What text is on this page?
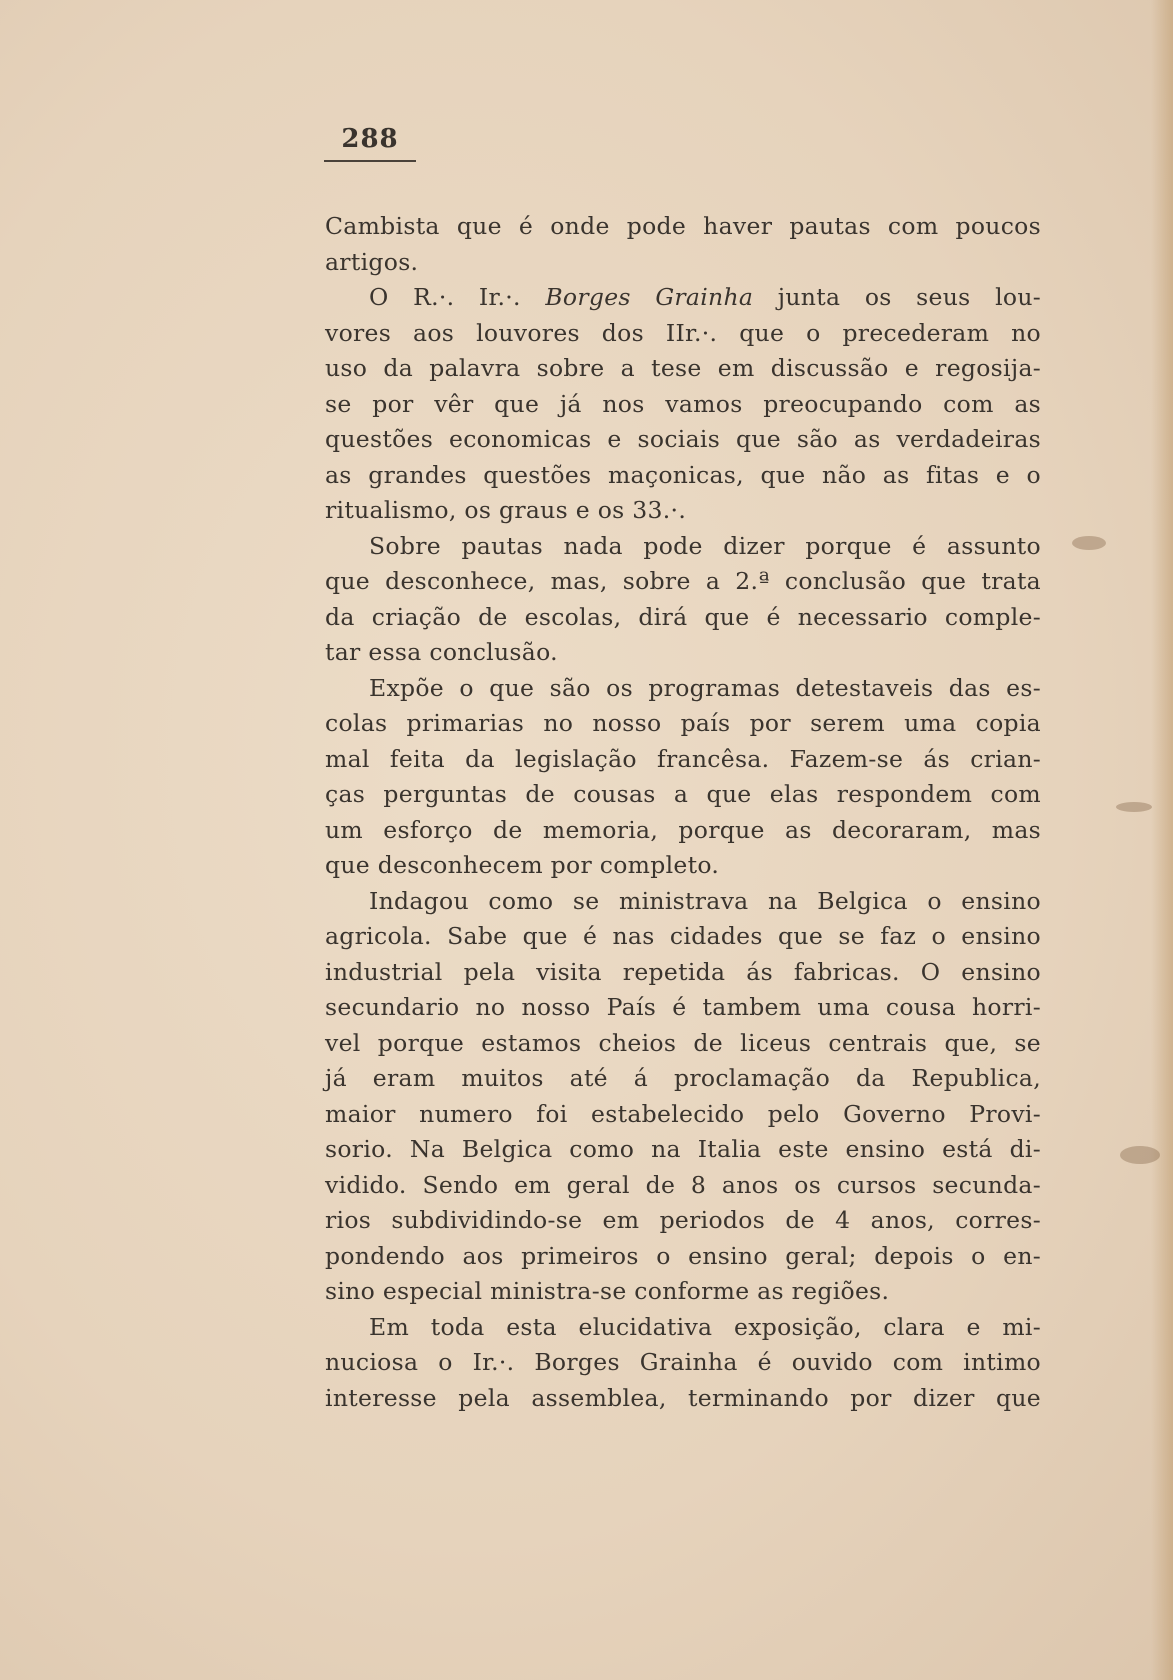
288
Cambista que é onde pode haver pautas com poucos
artigos.
O R.·. Ir.·. Borges Grainha junta os seus lou-
vores aos louvores dos IIr.·. que o precederam no
uso da palavra sobre a tese em discussão e regosija-
se por vêr que já nos vamos preocupando com as
questões economicas e sociais que são as verdadeiras
as grandes questões maçonicas, que não as fitas e o
ritualismo, os graus e os 33.·.
Sobre pautas nada pode dizer porque é assunto
que desconhece, mas, sobre a 2.ª conclusão que trata
da criação de escolas, dirá que é necessario comple-
tar essa conclusão.
Expõe o que são os programas detestaveis das es-
colas primarias no nosso país por serem uma copia
mal feita da legislação francêsa. Fazem-se ás crian-
ças perguntas de cousas a que elas respondem com
um esforço de memoria, porque as decoraram, mas
que desconhecem por completo.
Indagou como se ministrava na Belgica o ensino
agricola. Sabe que é nas cidades que se faz o ensino
industrial pela visita repetida ás fabricas. O ensino
secundario no nosso País é tambem uma cousa horri-
vel porque estamos cheios de liceus centrais que, se
já eram muitos até á proclamação da Republica,
maior numero foi estabelecido pelo Governo Provi-
sorio. Na Belgica como na Italia este ensino está di-
vidido. Sendo em geral de 8 anos os cursos secunda-
rios subdividindo-se em periodos de 4 anos, corres-
pondendo aos primeiros o ensino geral; depois o en-
sino especial ministra-se conforme as regiões.
Em toda esta elucidativa exposição, clara e mi-
nuciosa o Ir.·. Borges Grainha é ouvido com intimo
interesse pela assemblea, terminando por dizer que
